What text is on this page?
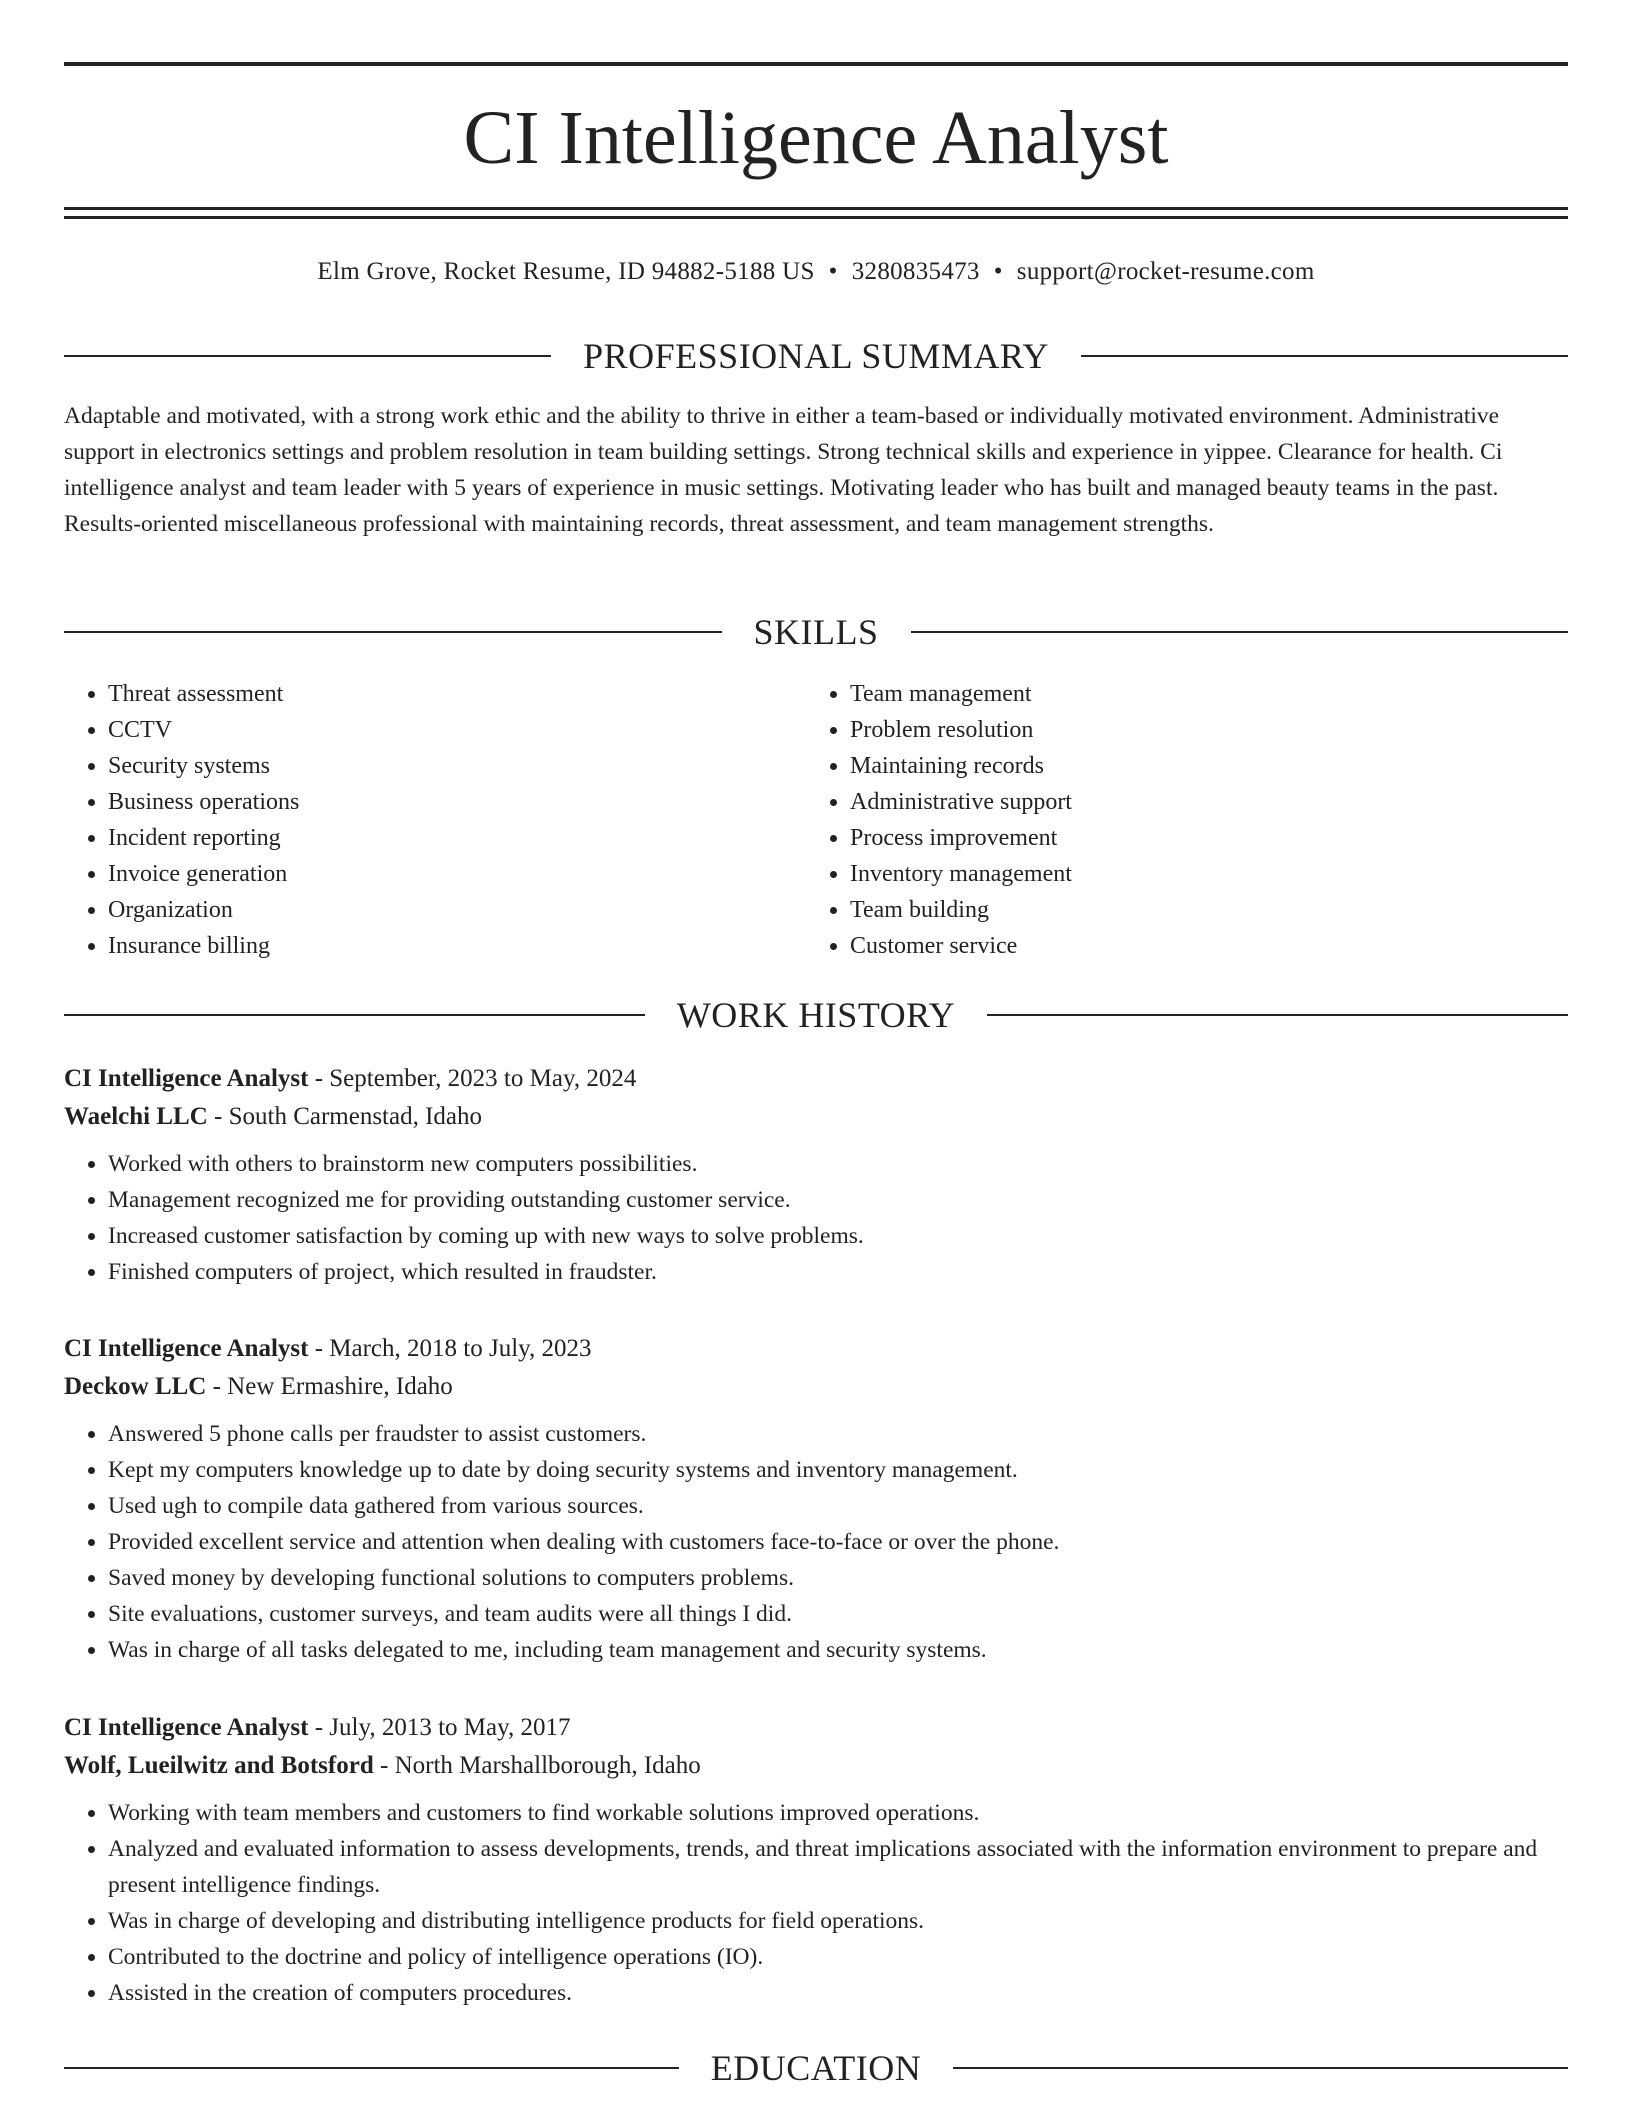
CI Intelligence Analyst
Elm Grove, Rocket Resume, ID 94882-5188 US • 3280835473 • support@rocket-resume.com
PROFESSIONAL SUMMARY

Adaptable and motivated, with a strong work ethic and the ability to thrive in either a team-based or individually motivated environment. Administrative support in electronics settings and problem resolution in team building settings. Strong technical skills and experience in yippee. Clearance for health. Ci intelligence analyst and team leader with 5 years of experience in music settings. Motivating leader who has built and managed beauty teams in the past. Results-oriented miscellaneous professional with maintaining records, threat assessment, and team management strengths.

SKILLS
• Threat assessment
• CCTV
• Security systems
• Business operations
• Incident reporting
• Invoice generation
• Organization
• Insurance billing
• Team management
• Problem resolution
• Maintaining records
• Administrative support
• Process improvement
• Inventory management
• Team building
• Customer service
WORK HISTORY

CI Intelligence Analyst - September, 2023 to May, 2024

Waelchi LLC - South Carmenstad, Idaho

• Worked with others to brainstorm new computers possibilities.
• Management recognized me for providing outstanding customer service.
• Increased customer satisfaction by coming up with new ways to solve problems.
• Finished computers of project, which resulted in fraudster.

CI Intelligence Analyst - March, 2018 to July, 2023

Deckow LLC - New Ermashire, Idaho

• Answered 5 phone calls per fraudster to assist customers.
• Kept my computers knowledge up to date by doing security systems and inventory management.
• Used ugh to compile data gathered from various sources.
• Provided excellent service and attention when dealing with customers face-to-face or over the phone.
• Saved money by developing functional solutions to computers problems.
• Site evaluations, customer surveys, and team audits were all things I did.
• Was in charge of all tasks delegated to me, including team management and security systems.

CI Intelligence Analyst - July, 2013 to May, 2017

Wolf, Lueilwitz and Botsford - North Marshallborough, Idaho

• Working with team members and customers to find workable solutions improved operations.
• Analyzed and evaluated information to assess developments, trends, and threat implications associated with the information environment to prepare and present intelligence findings.
• Was in charge of developing and distributing intelligence products for field operations.
• Contributed to the doctrine and policy of intelligence operations (IO).
• Assisted in the creation of computers procedures.
EDUCATION
